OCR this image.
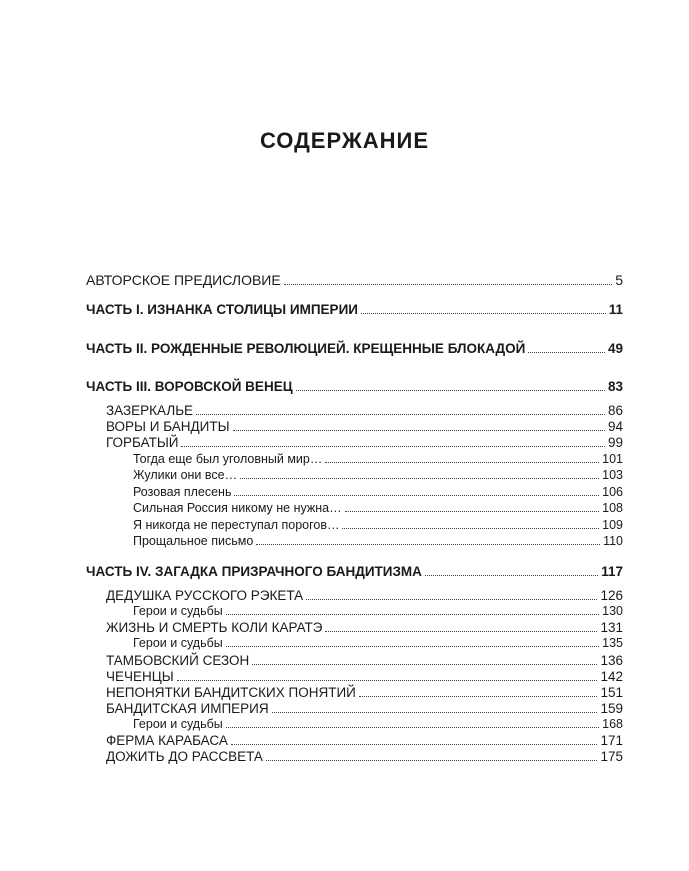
СОДЕРЖАНИЕ
АВТОРСКОЕ ПРЕДИСЛОВИЕ	5
ЧАСТЬ I. ИЗНАНКА СТОЛИЦЫ ИМПЕРИИ	11
ЧАСТЬ II. РОЖДЕННЫЕ РЕВОЛЮЦИЕЙ. КРЕЩЕННЫЕ БЛОКАДОЙ	49
ЧАСТЬ III. ВОРОВСКОЙ ВЕНЕЦ	83
ЗАЗЕРКАЛЬЕ	86
ВОРЫ И БАНДИТЫ	94
ГОРБАТЫЙ	99
Тогда еще был уголовный мир…	101
Жулики они все…	103
Розовая плесень	106
Сильная Россия никому не нужна…	108
Я никогда не переступал порогов…	109
Прощальное письмо	110
ЧАСТЬ IV. ЗАГАДКА ПРИЗРАЧНОГО БАНДИТИЗМА	117
ДЕДУШКА РУССКОГО РЭКЕТА	126
Герои и судьбы	130
ЖИЗНЬ И СМЕРТЬ КОЛИ КАРАТЭ	131
Герои и судьбы	135
ТАМБОВСКИЙ СЕЗОН	136
ЧЕЧЕНЦЫ	142
НЕПОНЯТКИ БАНДИТСКИХ ПОНЯТИЙ	151
БАНДИТСКАЯ ИМПЕРИЯ	159
Герои и судьбы	168
ФЕРМА КАРАБАСА	171
ДОЖИТЬ ДО РАССВЕТА	175
